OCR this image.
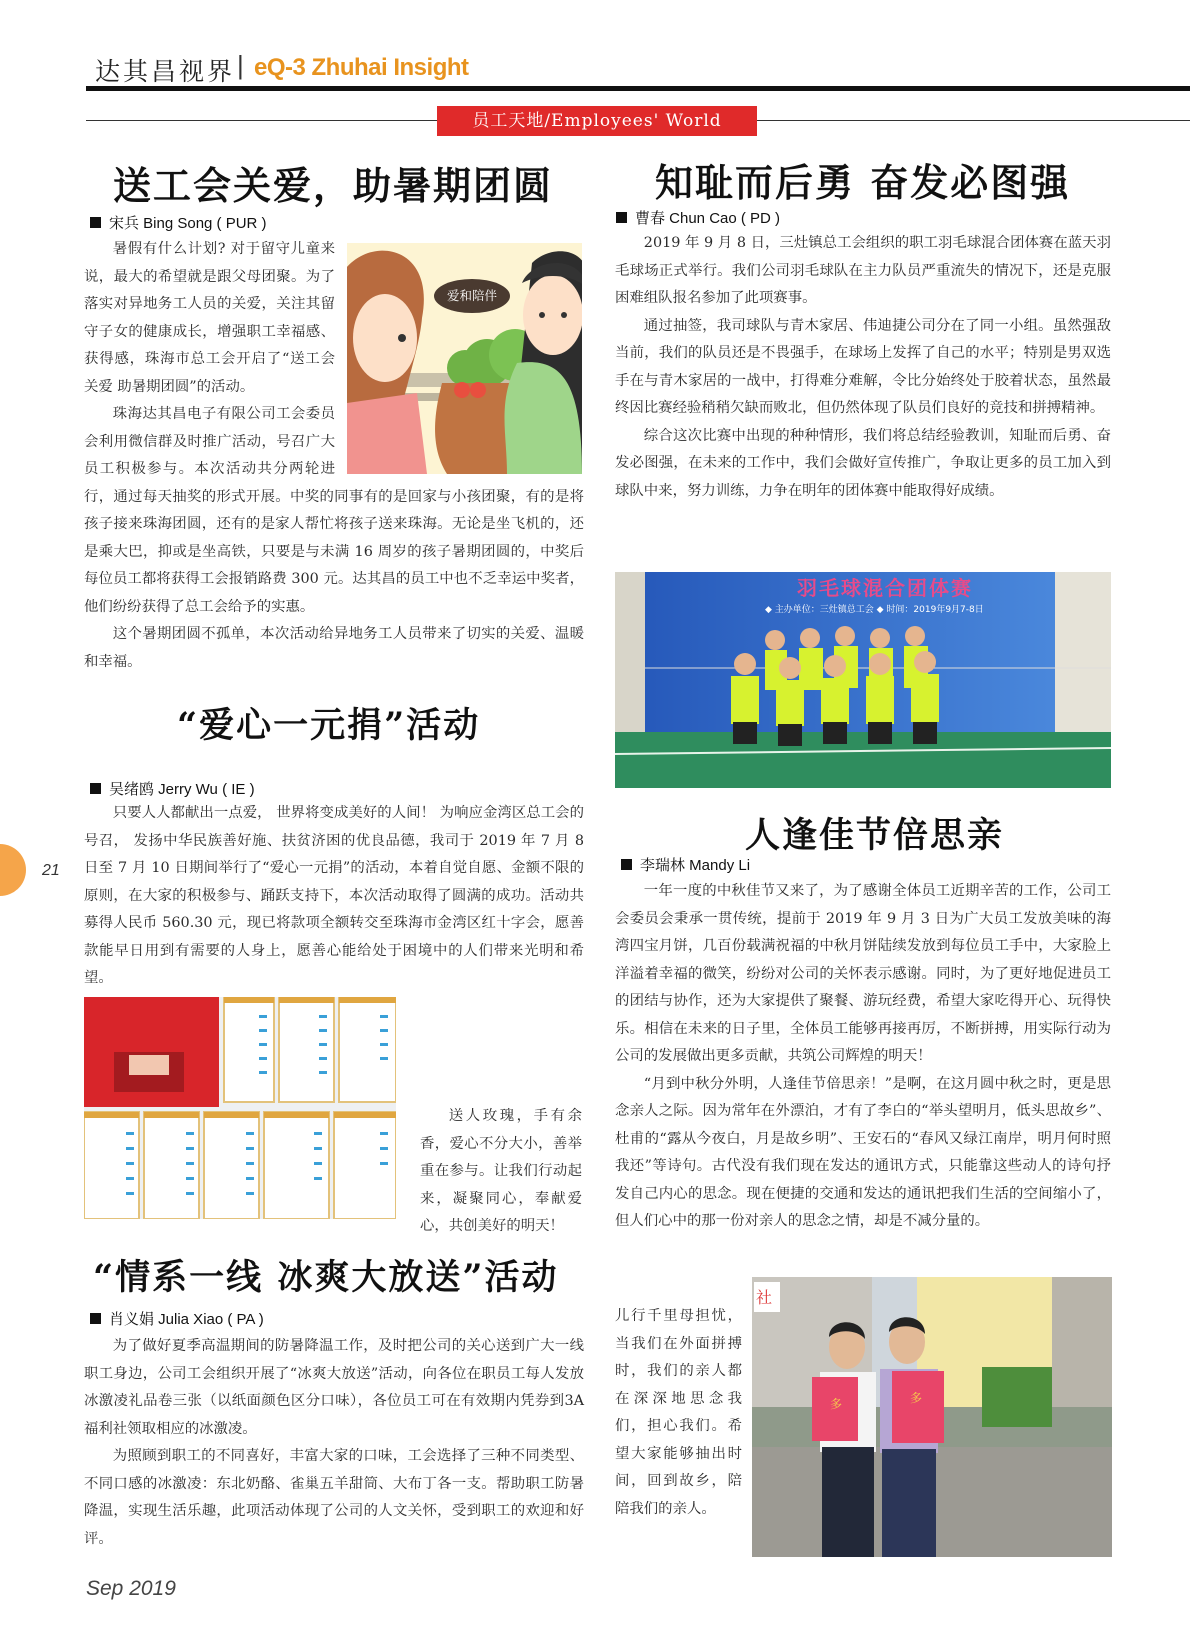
达其昌视界 | eQ-3 Zhuhai Insight
员工天地/Employees' World
21
送工会关爱，助暑期团圆
宋兵 Bing Song ( PUR )

暑假有什么计划? 对于留守儿童来说，最大的希望就是跟父母团聚。为了落实对异地务工人员的关爱，关注其留守子女的健康成长，增强职工幸福感、获得感，珠海市总工会开启了“送工会关爱 助暑期团圆”的活动。

珠海达其昌电子有限公司工会委员会利用微信群及时推广活动，号召广大员工积极参与。本次活动共分两轮进行，通过每天抽奖的形式开展。中奖的同事有的是回家与小孩团聚，有的是将孩子接来珠海团圆，还有的是家人帮忙将孩子送来珠海。无论是坐飞机的，还是乘大巴，抑或是坐高铁，只要是与未满 16 周岁的孩子暑期团圆的，中奖后每位员工都将获得工会报销路费 300 元。达其昌的员工中也不乏幸运中奖者，他们纷纷获得了总工会给予的实惠。

这个暑期团圆不孤单，本次活动给异地务工人员带来了切实的关爱、温暖和幸福。

爱和陪伴
“爱心一元捐”活动
吴绪鸥 Jerry Wu ( IE )

只要人人都献出一点爱， 世界将变成美好的人间！ 为响应金湾区总工会的号召， 发扬中华民族善好施、扶贫济困的优良品德，我司于 2019 年 7 月 8 日至 7 月 10 日期间举行了“爱心一元捐”的活动，本着自觉自愿、金额不限的原则，在大家的积极参与、踊跃支持下，本次活动取得了圆满的成功。活动共募得人民币 560.30 元，现已将款项全额转交至珠海市金湾区红十字会，愿善款能早日用到有需要的人身上，愿善心能给处于困境中的人们带来光明和希望。

送人玫瑰，手有余香，爱心不分大小，善举重在参与。让我们行动起来，凝聚同心，奉献爱心，共创美好的明天！

“情系一线 冰爽大放送”活动
肖义娟 Julia Xiao ( PA )

为了做好夏季高温期间的防暑降温工作，及时把公司的关心送到广大一线职工身边，公司工会组织开展了“冰爽大放送”活动，向各位在职员工每人发放冰激凌礼品卷三张（以纸面颜色区分口味），各位员工可在有效期内凭券到3A福利社领取相应的冰激凌。

为照顾到职工的不同喜好，丰富大家的口味，工会选择了三种不同类型、不同口感的冰激凌：东北奶酪、雀巢五羊甜筒、大布丁各一支。帮助职工防暑降温，实现生活乐趣，此项活动体现了公司的人文关怀，受到职工的欢迎和好评。

知耻而后勇 奋发必图强
曹春 Chun Cao ( PD )

2019 年 9 月 8 日，三灶镇总工会组织的职工羽毛球混合团体赛在蓝天羽毛球场正式举行。我们公司羽毛球队在主力队员严重流失的情况下，还是克服困难组队报名参加了此项赛事。

通过抽签，我司球队与青木家居、伟迪捷公司分在了同一小组。虽然强敌当前，我们的队员还是不畏强手，在球场上发挥了自己的水平；特别是男双选手在与青木家居的一战中，打得难分难解，令比分始终处于胶着状态，虽然最终因比赛经验稍稍欠缺而败北，但仍然体现了队员们良好的竞技和拼搏精神。

综合这次比赛中出现的种种情形，我们将总结经验教训，知耻而后勇、奋发必图强，在未来的工作中，我们会做好宣传推广，争取让更多的员工加入到球队中来，努力训练，力争在明年的团体赛中能取得好成绩。

羽毛球混合团体赛
◆ 主办单位：三灶镇总工会 ◆ 时间：2019年9月7-8日
人逢佳节倍思亲
李瑞林 Mandy Li

一年一度的中秋佳节又来了，为了感谢全体员工近期辛苦的工作，公司工会委员会秉承一贯传统，提前于 2019 年 9 月 3 日为广大员工发放美味的海湾四宝月饼，几百份载满祝福的中秋月饼陆续发放到每位员工手中，大家脸上洋溢着幸福的微笑，纷纷对公司的关怀表示感谢。同时，为了更好地促进员工的团结与协作，还为大家提供了聚餐、游玩经费，希望大家吃得开心、玩得快乐。相信在未来的日子里，全体员工能够再接再厉，不断拼搏，用实际行动为公司的发展做出更多贡献，共筑公司辉煌的明天！

“月到中秋分外明，人逢佳节倍思亲！”是啊，在这月圆中秋之时，更是思念亲人之际。因为常年在外漂泊，才有了李白的“举头望明月，低头思故乡”、杜甫的“露从今夜白，月是故乡明”、王安石的“春风又绿江南岸，明月何时照我还”等诗句。古代没有我们现在发达的通讯方式，只能靠这些动人的诗句抒发自己内心的思念。现在便捷的交通和发达的通讯把我们生活的空间缩小了，但人们心中的那一份对亲人的思念之情，却是不减分量的。

儿行千里母担忧，当我们在外面拼搏时，我们的亲人都在深深地思念我们，担心我们。希望大家能够抽出时间，回到故乡，陪陪我们的亲人。

社
多	多
Sep 2019
